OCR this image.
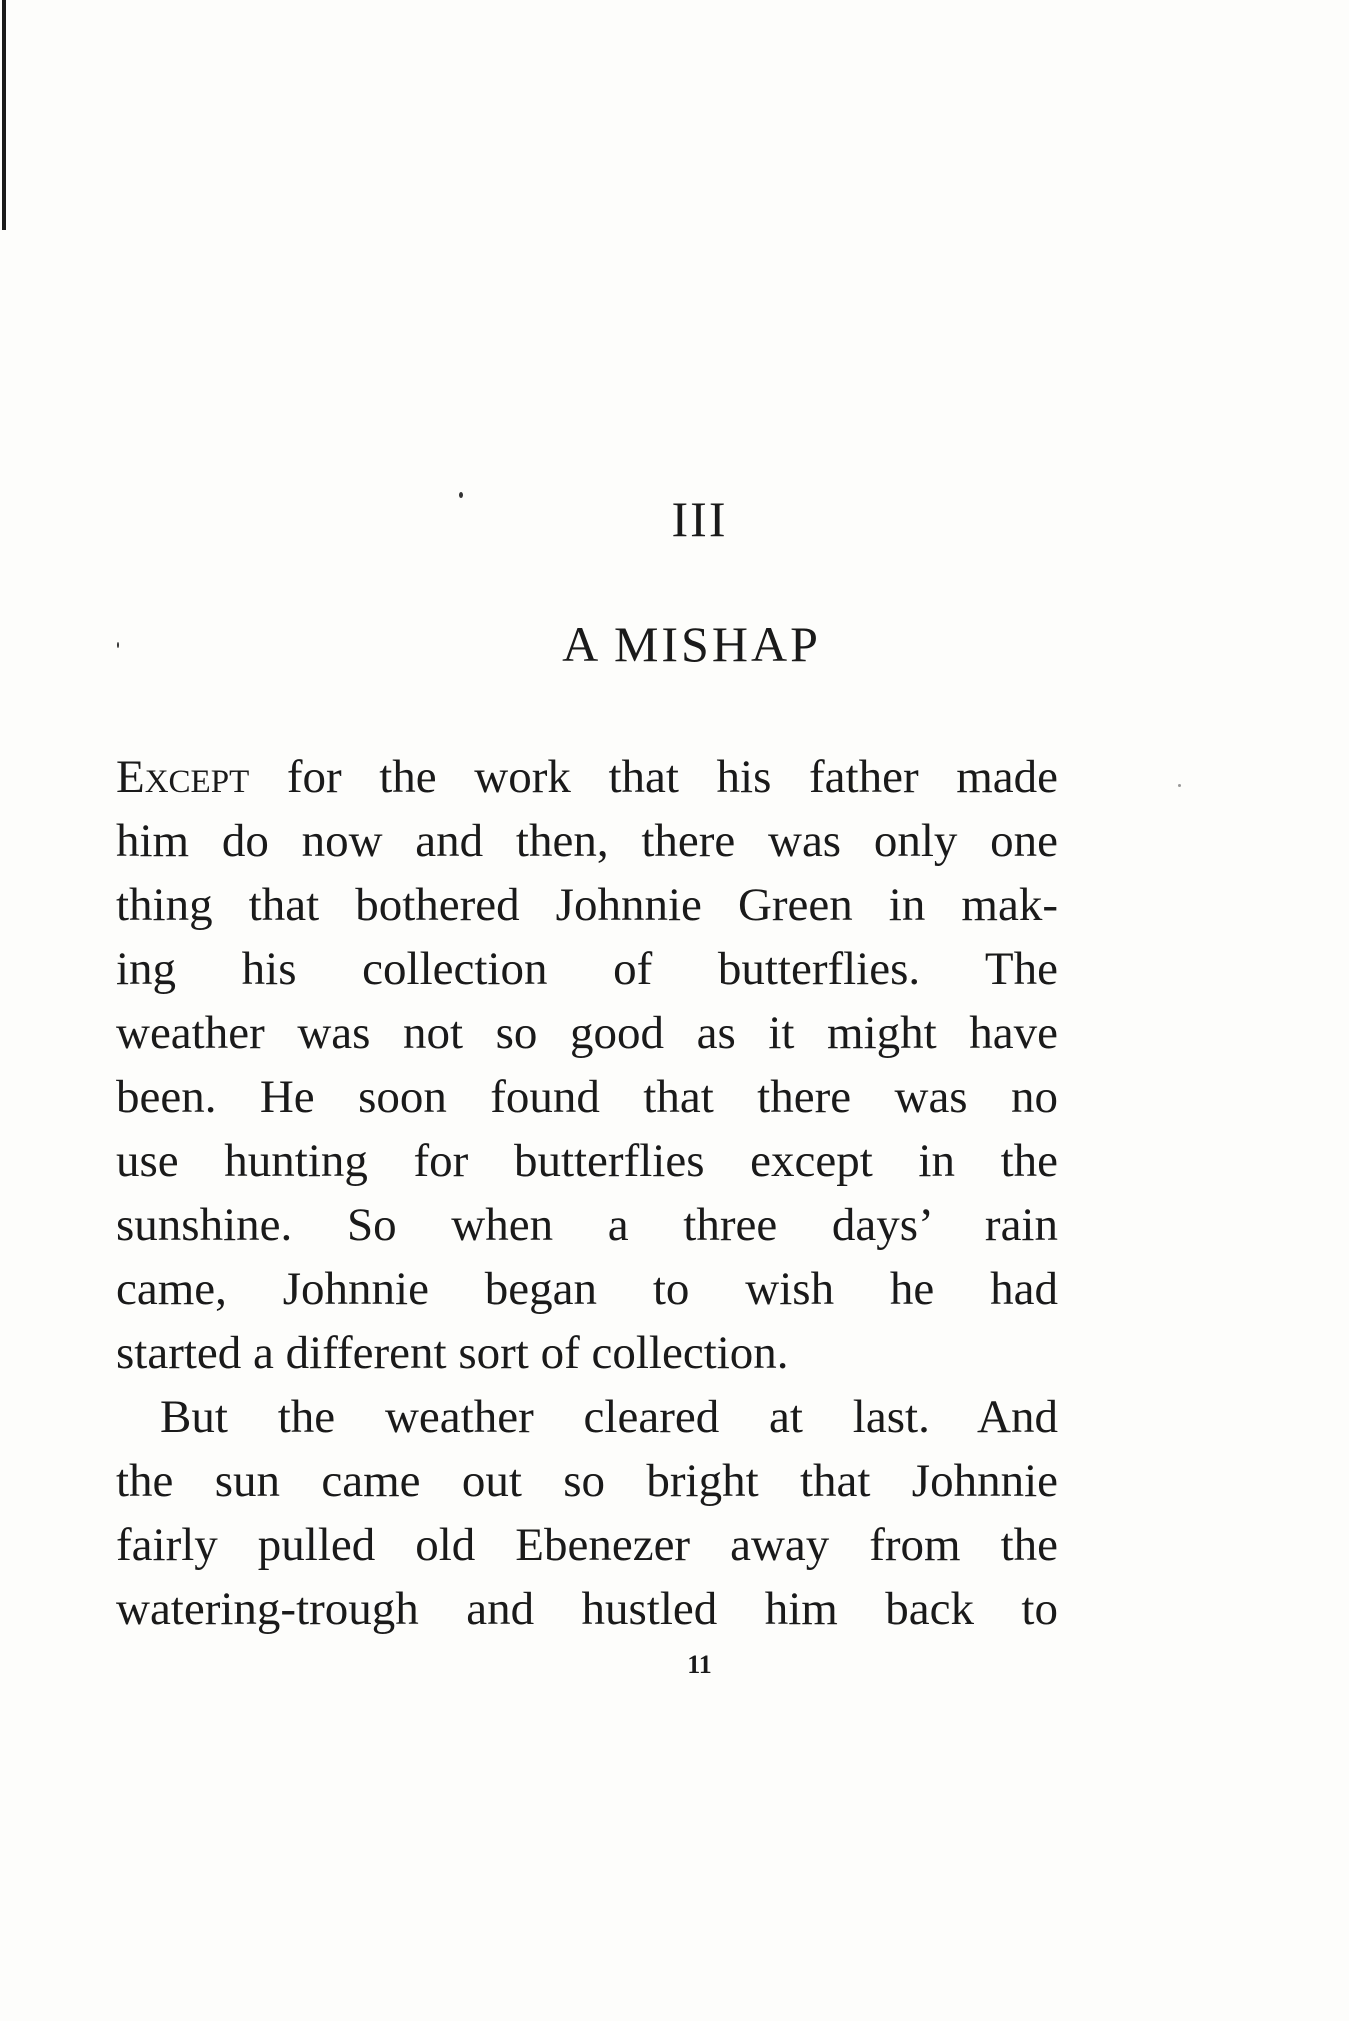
III
A MISHAP
Except for the work that his father made
him do now and then, there was only one
thing that bothered Johnnie Green in mak-
ing his collection of butterflies. The
weather was not so good as it might have
been. He soon found that there was no
use hunting for butterflies except in the
sunshine. So when a three days’ rain
came, Johnnie began to wish he had
started a different sort of collection.
But the weather cleared at last. And
the sun came out so bright that Johnnie
fairly pulled old Ebenezer away from the
watering-trough and hustled him back to
11
